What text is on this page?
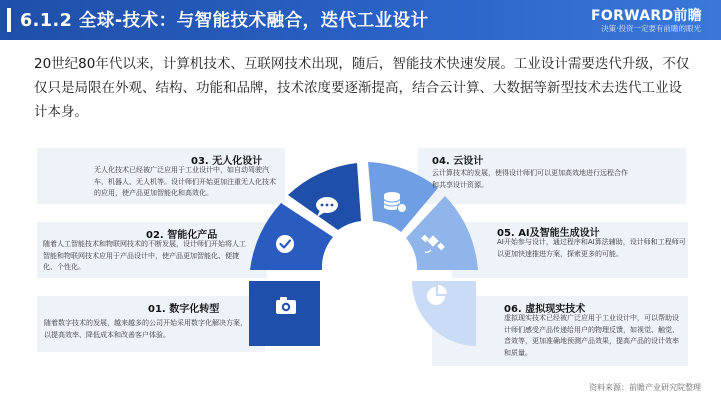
6.1.2 全球-技术：与智能技术融合，迭代工业设计	FORWARD前瞻
决策·投资一定要有前瞻的眼光

20世纪80年代以来，计算机技术、互联网技术出现，随后，智能技术快速发展。工业设计需要迭代升级，不仅仅只是局限在外观、结构、功能和品牌，技术浓度要逐渐提高，结合云计算、大数据等新型技术去迭代工业设计本身。

03. 无人化设计

无人化技术已经被广泛应用于工业设计中，如自动驾驶汽车、机器人、无人机等。设计师们开始更加注重无人化技术的应用，使产品更加智能化和高效化。

04. 云设计

云计算技术的发展，使得设计师们可以更加高效地进行远程合作和共享设计资源。

02. 智能化产品

随着人工智能技术和物联网技术的不断发展，设计师们开始将人工智能和物联网技术应用于产品设计中，使产品更加智能化、便捷化、个性化。

05. AI及智能生成设计

AI开始参与设计，通过程序和AI算法辅助，设计师和工程师可以更加快速推进方案，探索更多的可能。

01. 数字化转型

随着数字技术的发展，越来越多的公司开始采用数字化解决方案，以提高效率、降低成本和改善客户体验。

06. 虚拟现实技术

虚拟现实技术已经被广泛应用于工业设计中，可以帮助设计师们感受产品传递给用户的物理反馈，如视觉、触觉、音效等，更加准确地预测产品效果，提高产品的设计效率和质量。

资料来源：前瞻产业研究院整理
